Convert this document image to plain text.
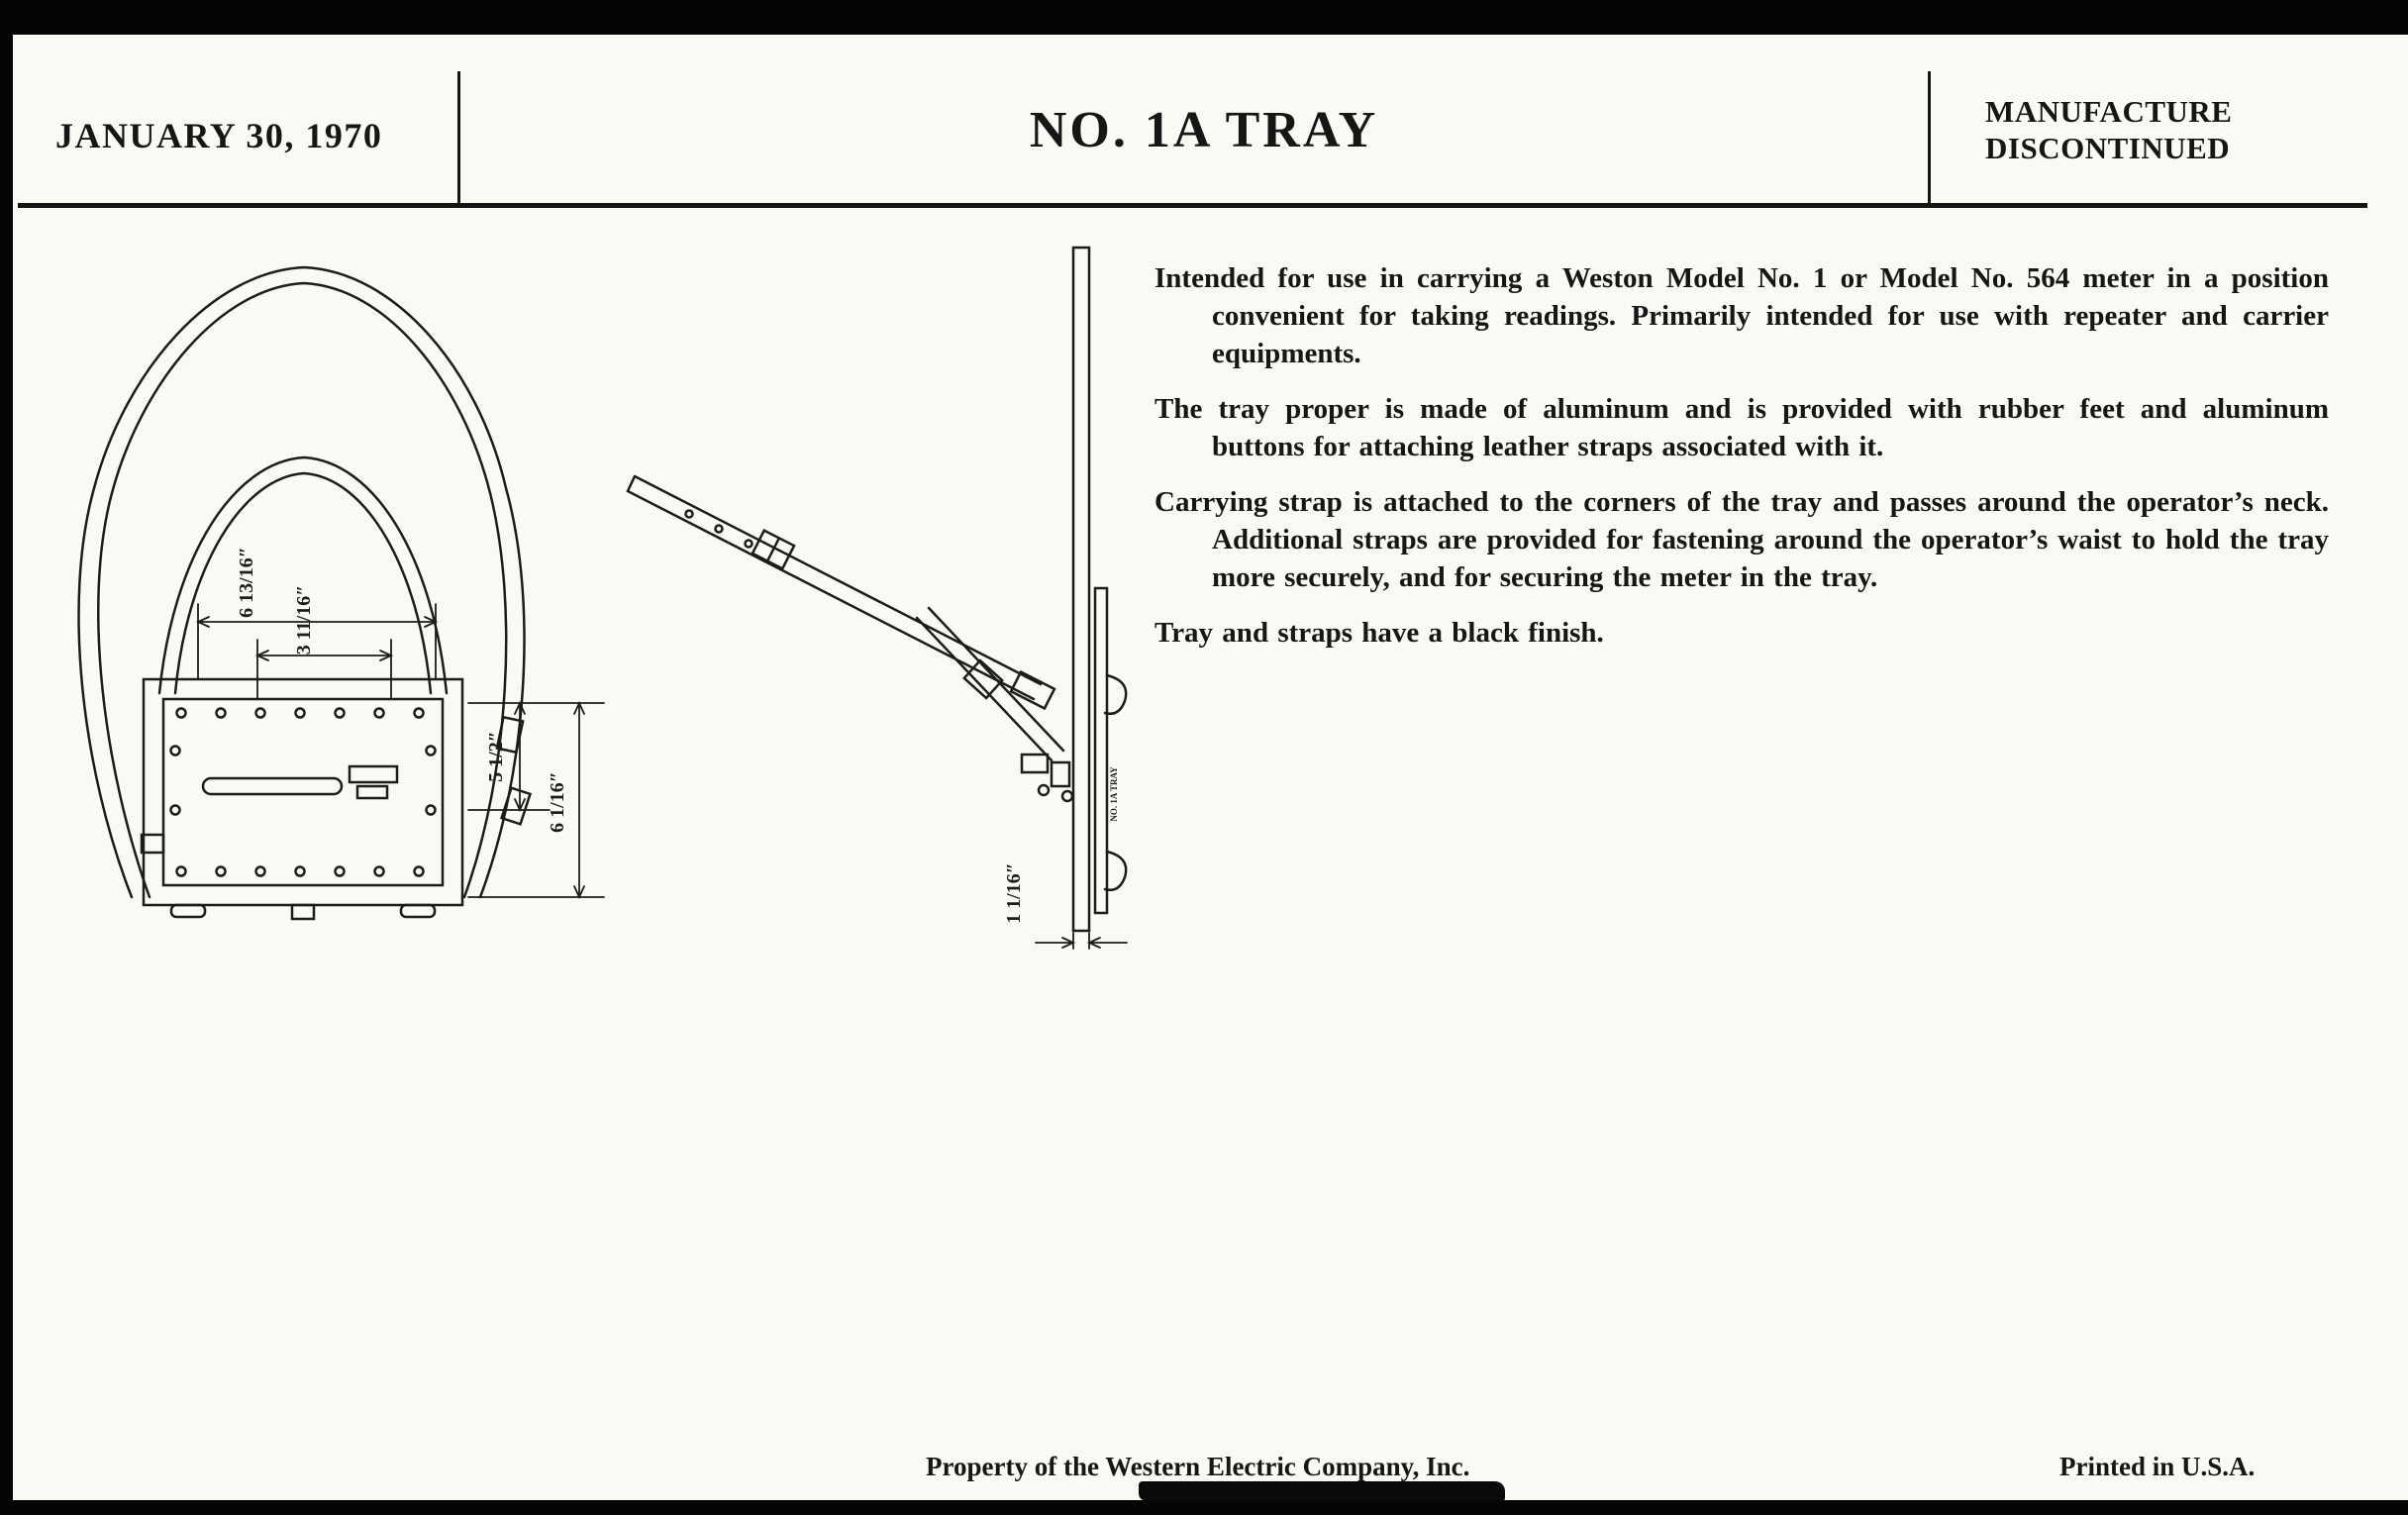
JANUARY 30, 1970	NO. 1A TRAY	MANUFACTURE
DISCONTINUED
6 13/16″
3 11/16″
5 1/2″
6 1/16″
1 1/16″
NO. 1A TRAY

Intended for use in carrying a Weston Model No. 1 or Model No. 564 meter in a position convenient for taking readings. Primarily intended for use with repeater and carrier equipments.

The tray proper is made of aluminum and is provided with rubber feet and aluminum buttons for attaching leather straps associated with it.

Carrying strap is attached to the corners of the tray and passes around the operator’s neck. Additional straps are provided for fastening around the operator’s waist to hold the tray more securely, and for securing the meter in the tray.

Tray and straps have a black finish.

Property of the Western Electric Company, Inc.	Printed in U.S.A.
